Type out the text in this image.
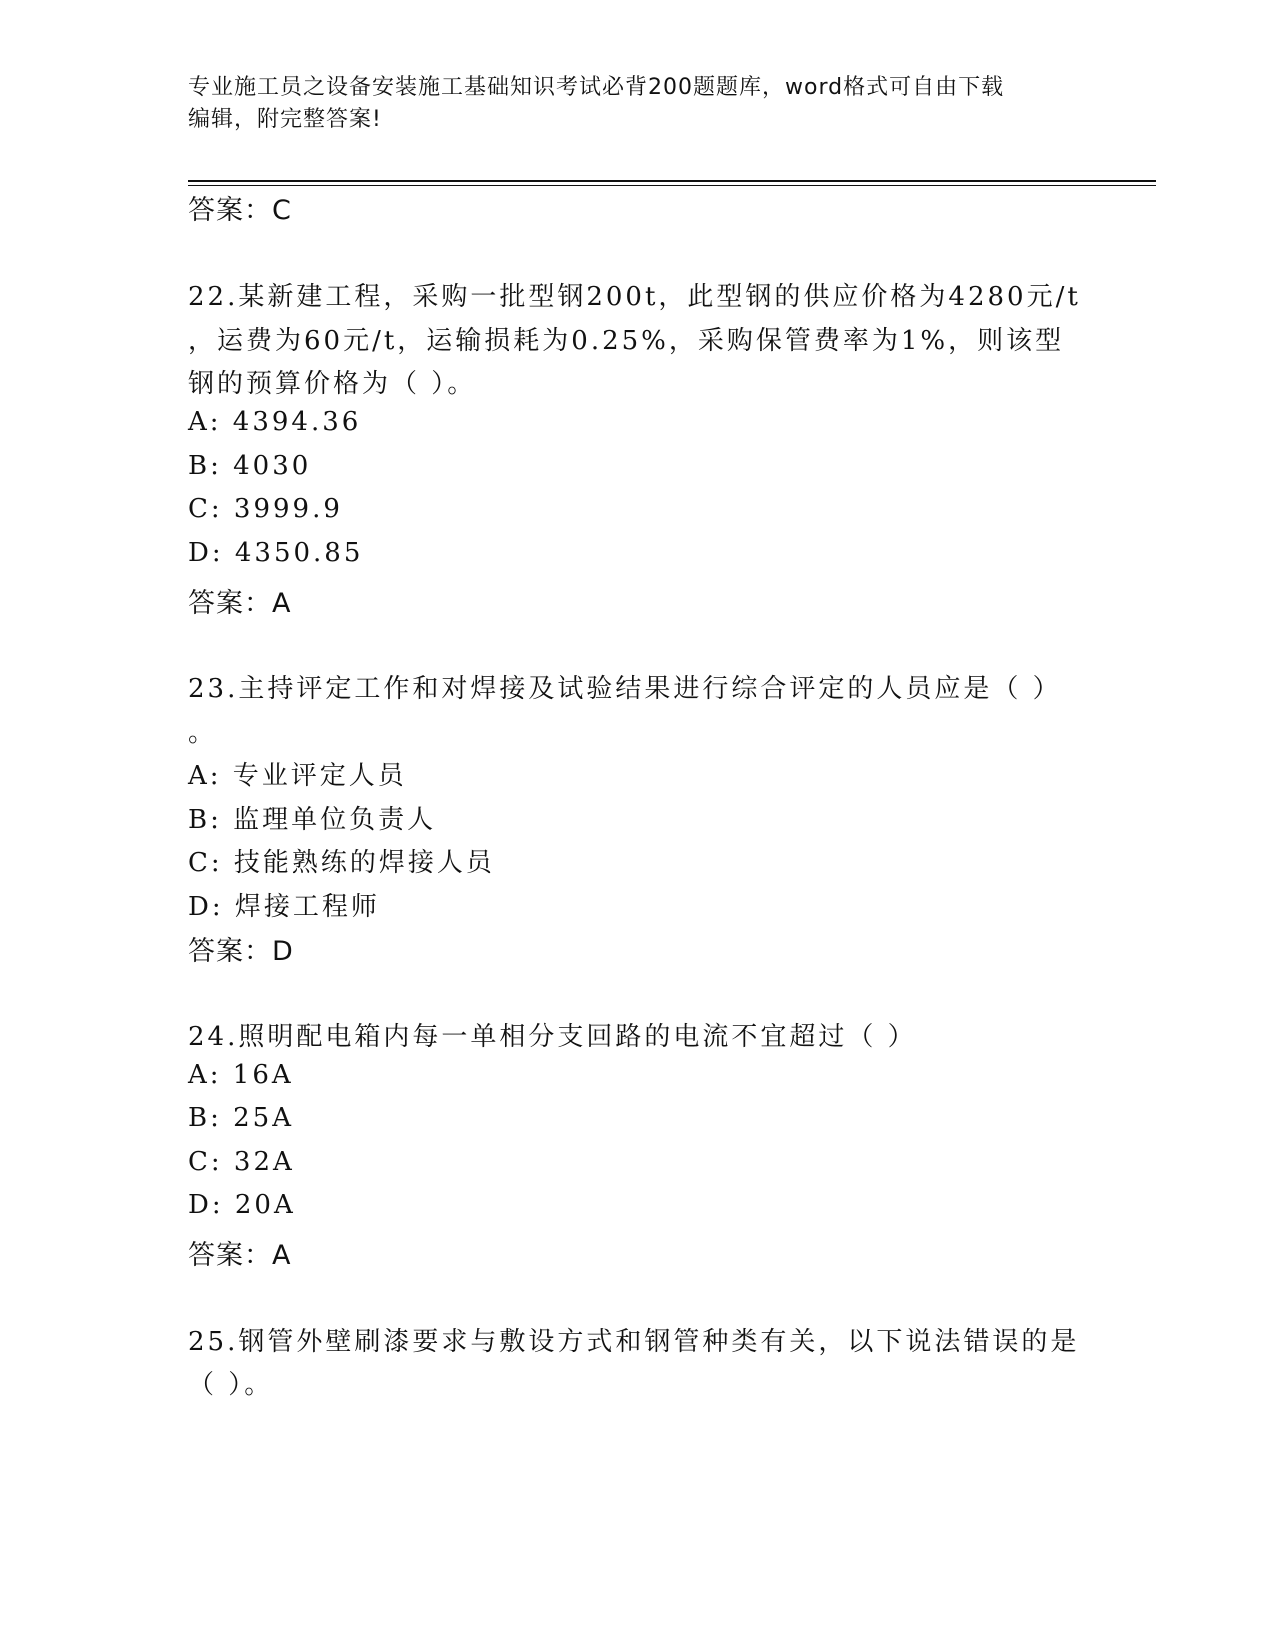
专业施工员之设备安装施工基础知识考试必背200题题库，word格式可自由下载
编辑，附完整答案!
答案：C
22.某新建工程，采购一批型钢200t，此型钢的供应价格为4280元/t
，运费为60元/t，运输损耗为0.25%，采购保管费率为1%，则该型
钢的预算价格为（ ）。
A: 4394.36
B: 4030
C: 3999.9
D: 4350.85
答案：A
23.主持评定工作和对焊接及试验结果进行综合评定的人员应是（ ）
。
A: 专业评定人员
B: 监理单位负责人
C: 技能熟练的焊接人员
D: 焊接工程师
答案：D
24.照明配电箱内每一单相分支回路的电流不宜超过（ ）
A: 16A
B: 25A
C: 32A
D: 20A
答案：A
25.钢管外壁刷漆要求与敷设方式和钢管种类有关，以下说法错误的是
（ ）。
